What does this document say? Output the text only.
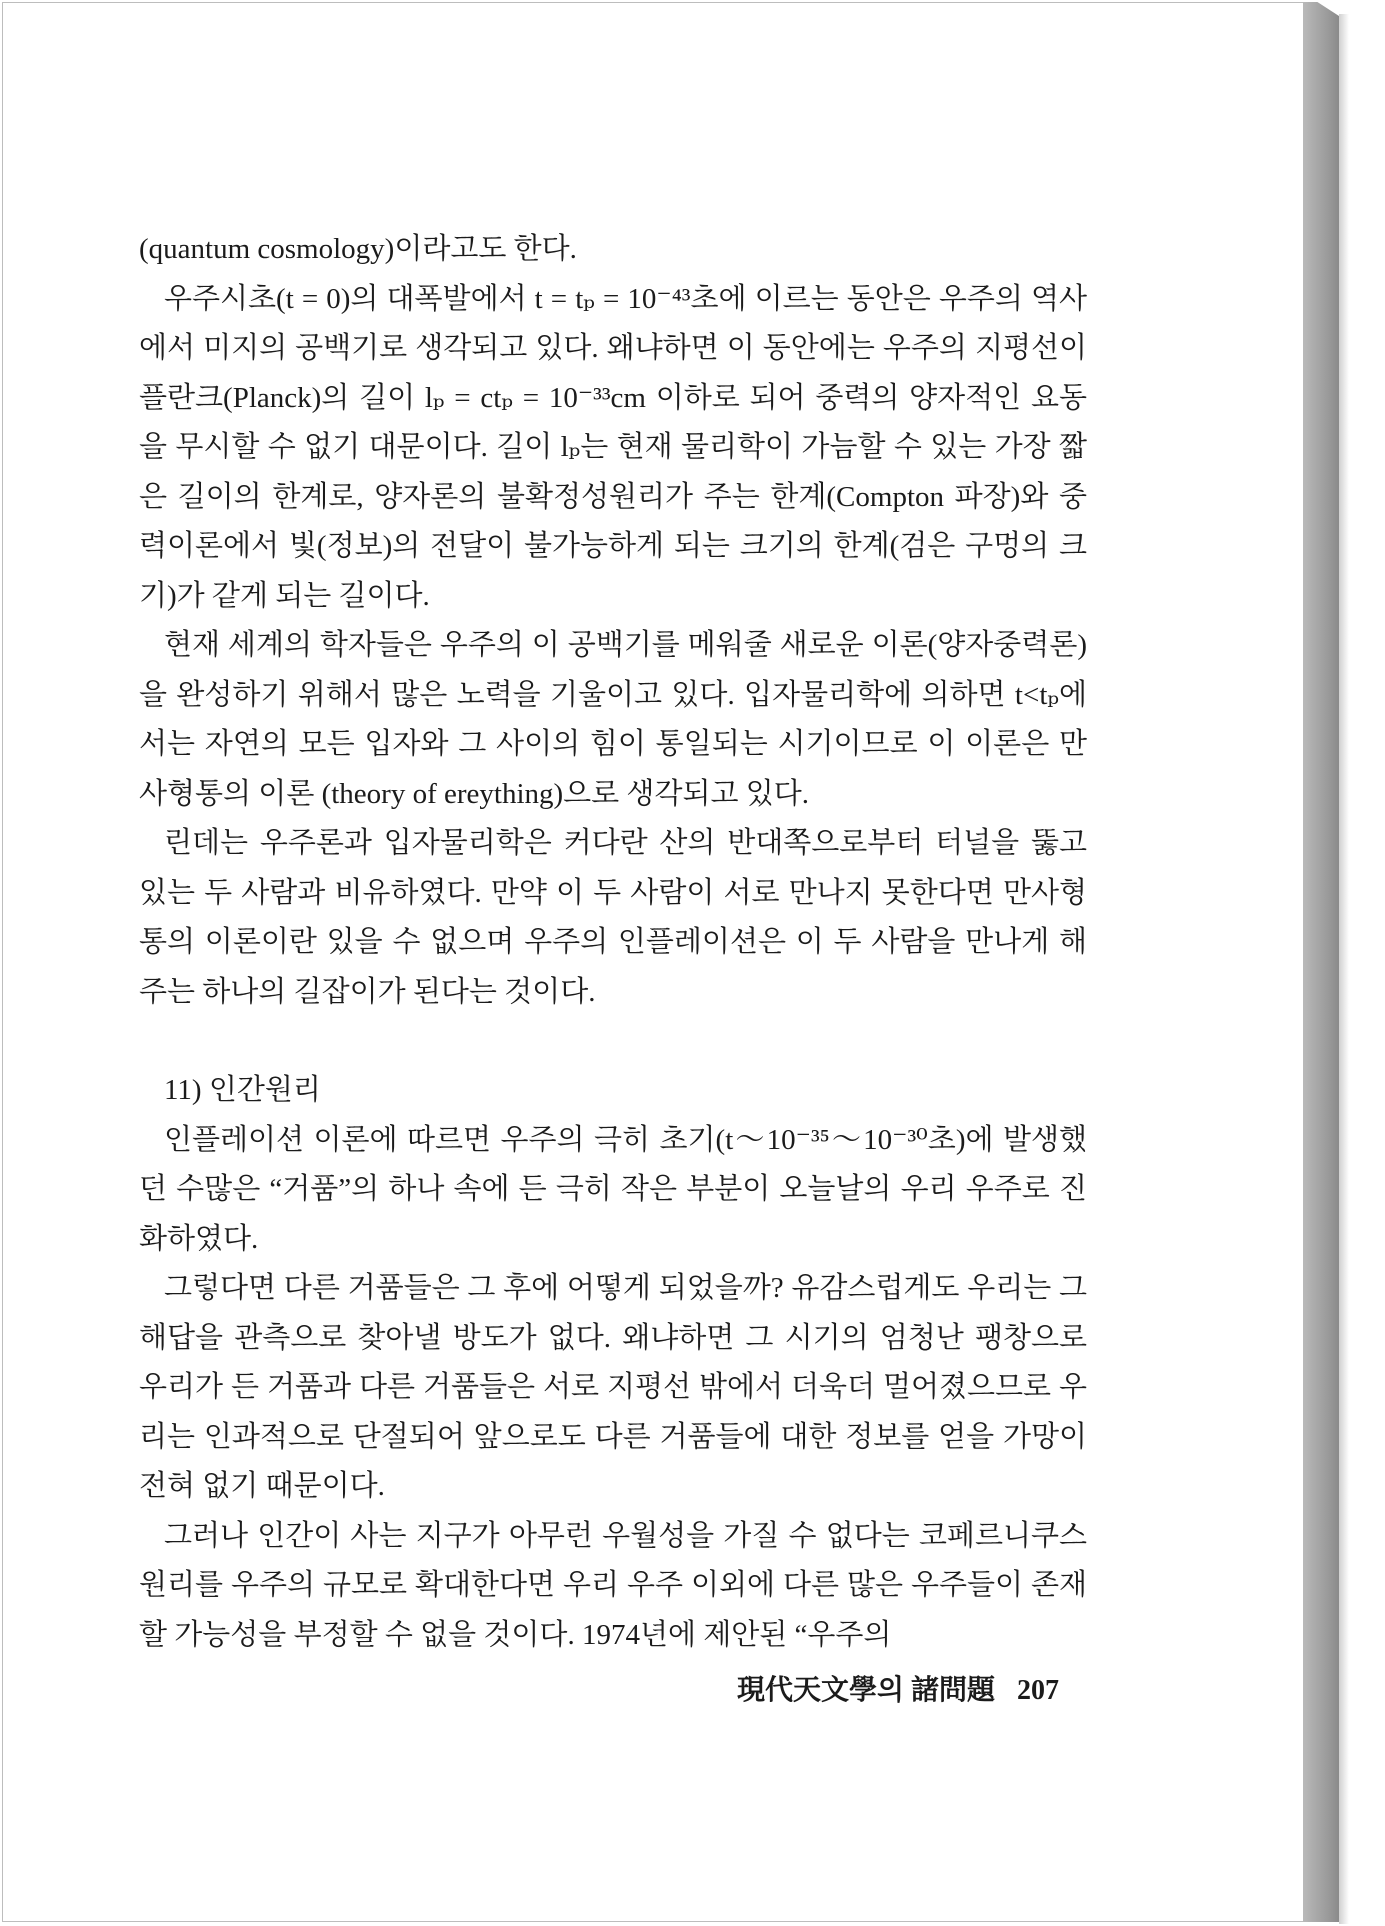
(quantum cosmology)이라고도 한다.

우주시초(t = 0)의 대폭발에서 t = tₚ = 10⁻⁴³초에 이르는 동안은 우주의 역사에서 미지의 공백기로 생각되고 있다. 왜냐하면 이 동안에는 우주의 지평선이 플란크(Planck)의 길이 lₚ = ctₚ = 10⁻³³cm 이하로 되어 중력의 양자적인 요동을 무시할 수 없기 대문이다. 길이 lₚ는 현재 물리학이 가늠할 수 있는 가장 짧은 길이의 한계로, 양자론의 불확정성원리가 주는 한계(Compton 파장)와 중력이론에서 빛(정보)의 전달이 불가능하게 되는 크기의 한계(검은 구멍의 크기)가 같게 되는 길이다.

현재 세계의 학자들은 우주의 이 공백기를 메워줄 새로운 이론(양자중력론)을 완성하기 위해서 많은 노력을 기울이고 있다. 입자물리학에 의하면 t<tₚ에서는 자연의 모든 입자와 그 사이의 힘이 통일되는 시기이므로 이 이론은 만사형통의 이론 (theory of ereything)으로 생각되고 있다.

린데는 우주론과 입자물리학은 커다란 산의 반대쪽으로부터 터널을 뚫고 있는 두 사람과 비유하였다. 만약 이 두 사람이 서로 만나지 못한다면 만사형통의 이론이란 있을 수 없으며 우주의 인플레이션은 이 두 사람을 만나게 해주는 하나의 길잡이가 된다는 것이다.

11) 인간원리

인플레이션 이론에 따르면 우주의 극히 초기(t～10⁻³⁵～10⁻³⁰초)에 발생했던 수많은 “거품”의 하나 속에 든 극히 작은 부분이 오늘날의 우리 우주로 진화하였다.

그렇다면 다른 거품들은 그 후에 어떻게 되었을까? 유감스럽게도 우리는 그 해답을 관측으로 찾아낼 방도가 없다. 왜냐하면 그 시기의 엄청난 팽창으로 우리가 든 거품과 다른 거품들은 서로 지평선 밖에서 더욱더 멀어졌으므로 우리는 인과적으로 단절되어 앞으로도 다른 거품들에 대한 정보를 얻을 가망이 전혀 없기 때문이다.

그러나 인간이 사는 지구가 아무런 우월성을 가질 수 없다는 코페르니쿠스 원리를 우주의 규모로 확대한다면 우리 우주 이외에 다른 많은 우주들이 존재할 가능성을 부정할 수 없을 것이다. 1974년에 제안된 “우주의

現代天文學의 諸問題 207
